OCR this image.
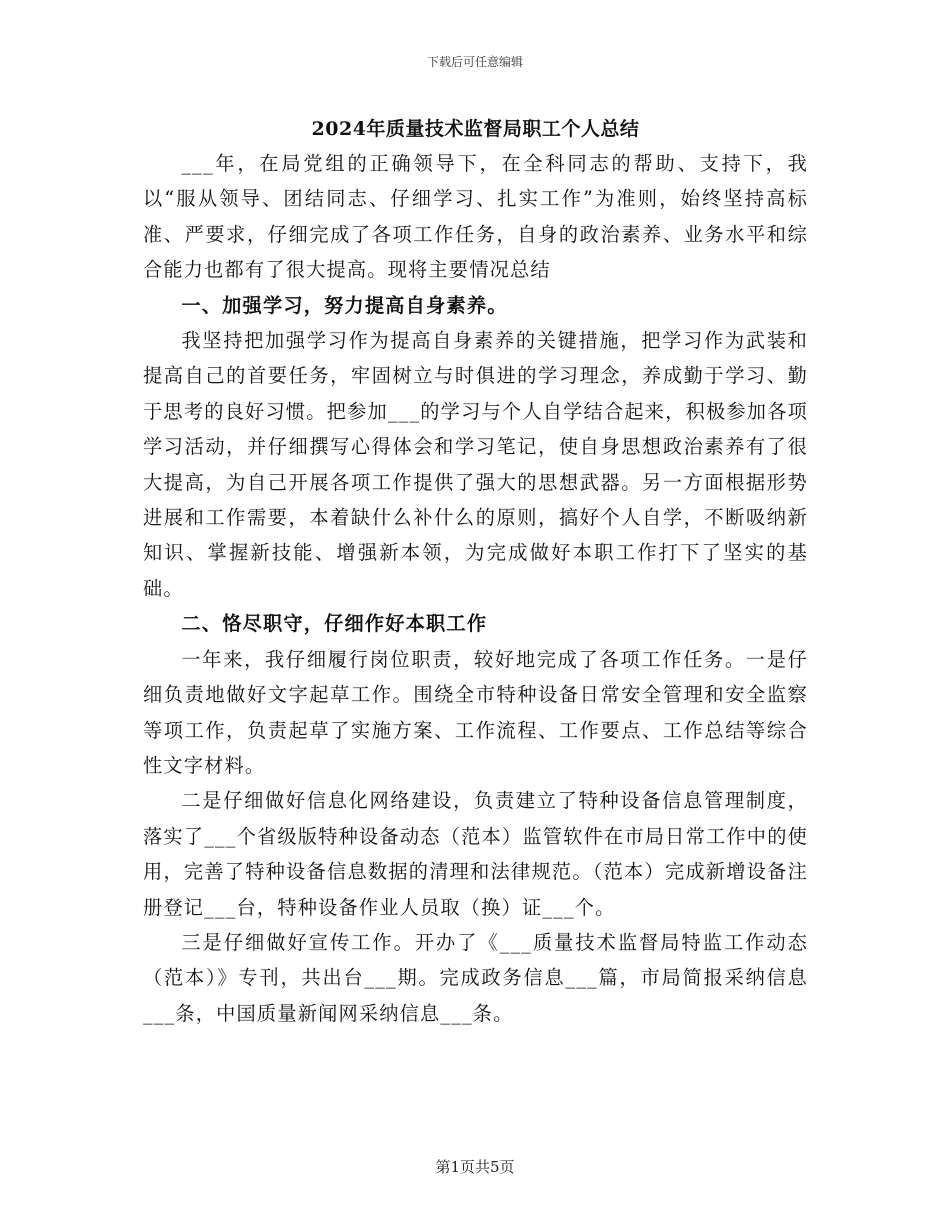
下载后可任意编辑
2024年质量技术监督局职工个人总结

___年，在局党组的正确领导下，在全科同志的帮助、支持下，我以“服从领导、团结同志、仔细学习、扎实工作”为准则，始终坚持高标准、严要求，仔细完成了各项工作任务，自身的政治素养、业务水平和综合能力也都有了很大提高。现将主要情况总结

一、加强学习，努力提高自身素养。

我坚持把加强学习作为提高自身素养的关键措施，把学习作为武装和提高自己的首要任务，牢固树立与时俱进的学习理念，养成勤于学习、勤于思考的良好习惯。把参加___的学习与个人自学结合起来，积极参加各项学习活动，并仔细撰写心得体会和学习笔记，使自身思想政治素养有了很大提高，为自己开展各项工作提供了强大的思想武器。另一方面根据形势进展和工作需要，本着缺什么补什么的原则，搞好个人自学，不断吸纳新知识、掌握新技能、增强新本领，为完成做好本职工作打下了坚实的基础。

二、恪尽职守，仔细作好本职工作

一年来，我仔细履行岗位职责，较好地完成了各项工作任务。一是仔细负责地做好文字起草工作。围绕全市特种设备日常安全管理和安全监察等项工作，负责起草了实施方案、工作流程、工作要点、工作总结等综合性文字材料。

二是仔细做好信息化网络建设，负责建立了特种设备信息管理制度，落实了___个省级版特种设备动态（范本）监管软件在市局日常工作中的使用，完善了特种设备信息数据的清理和法律规范。（范本）完成新增设备注册登记___台，特种设备作业人员取（换）证___个。

三是仔细做好宣传工作。开办了《___质量技术监督局特监工作动态（范本）》专刊，共出台___期。完成政务信息___篇，市局简报采纳信息___条，中国质量新闻网采纳信息___条。

第1页共5页
